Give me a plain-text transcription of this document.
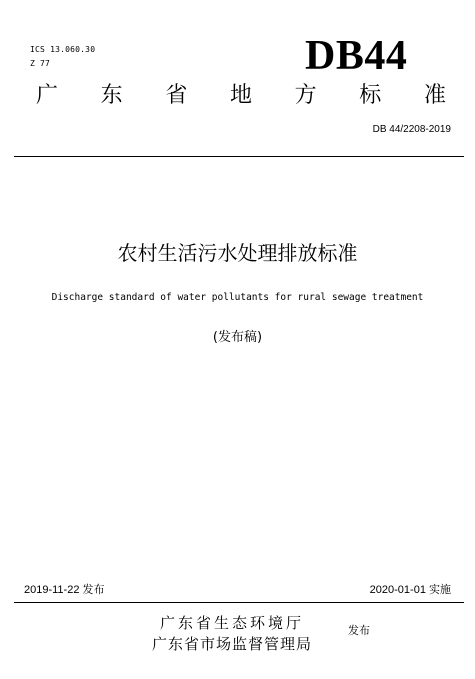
ICS 13.060.30
Z 77	DB44
广 东 省 地 方 标 准
DB 44/2208-2019
农村生活污水处理排放标准
Discharge standard of water pollutants for rural sewage treatment
(发布稿)
2019-11-22 发布	2020-01-01 实施
广东省生态环境厅
广东省市场监督管理局
发布
